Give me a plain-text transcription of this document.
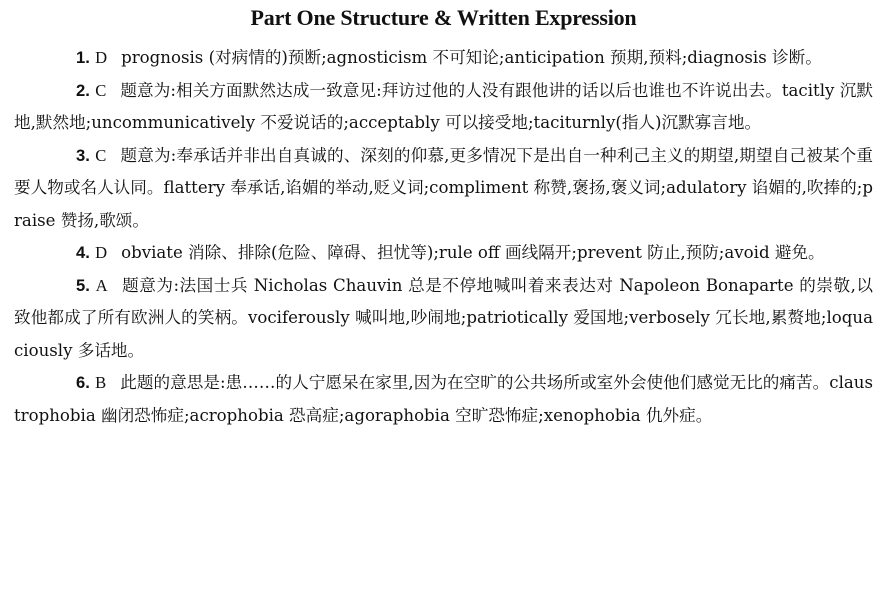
Part One Structure & Written Expression

1. D prognosis (对病情的)预断;agnosticism 不可知论;anticipation 预期,预料;diagnosis 诊断。

2. C 题意为:相关方面默然达成一致意见:拜访过他的人没有跟他讲的话以后也谁也不许说出去。tacitly 沉默地,默然地;uncommunicatively 不爱说话的;acceptably 可以接受地;taciturnly(指人)沉默寡言地。

3. C 题意为:奉承话并非出自真诚的、深刻的仰慕,更多情况下是出自一种利己主义的期望,期望自己被某个重要人物或名人认同。flattery 奉承话,谄媚的举动,贬义词;compliment 称赞,褒扬,褒义词;adulatory 谄媚的,吹捧的;praise 赞扬,歌颂。

4. D obviate 消除、排除(危险、障碍、担忧等);rule off 画线隔开;prevent 防止,预防;avoid 避免。

5. A 题意为:法国士兵 Nicholas Chauvin 总是不停地喊叫着来表达对 Napoleon Bonaparte 的崇敬,以致他都成了所有欧洲人的笑柄。vociferously 喊叫地,吵闹地;patriotically 爱国地;verbosely 冗长地,累赘地;loquaciously 多话地。

6. B 此题的意思是:患……的人宁愿呆在家里,因为在空旷的公共场所或室外会使他们感觉无比的痛苦。claustrophobia 幽闭恐怖症;acrophobia 恐高症;agoraphobia 空旷恐怖症;xenophobia 仇外症。
